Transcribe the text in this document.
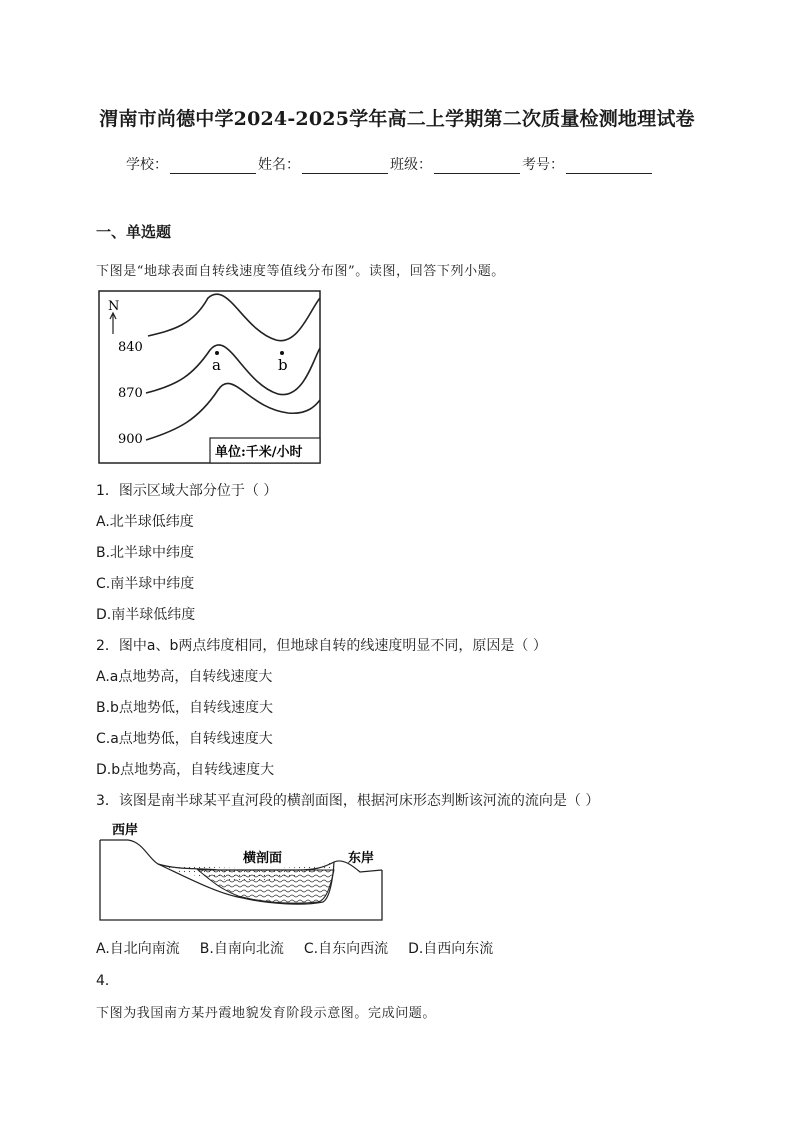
渭南市尚德中学2024-2025学年高二上学期第二次质量检测地理试卷
学校：	姓名：	班级：	考号：
一、单选题
下图是“地球表面自转线速度等值线分布图”。读图，回答下列小题。
N
840
870
900
a	b
单位:千米/小时
1．图示区域大部分位于（ ）
A.北半球低纬度
B.北半球中纬度
C.南半球中纬度
D.南半球低纬度
2．图中a、b两点纬度相同，但地球自转的线速度明显不同，原因是（ ）
A.a点地势高，自转线速度大
B.b点地势低，自转线速度大
C.a点地势低，自转线速度大
D.b点地势高，自转线速度大
3．该图是南半球某平直河段的横剖面图，根据河床形态判断该河流的流向是（ ）
西岸
横剖面	东岸
A.自北向南流 B.自南向北流 C.自东向西流 D.自西向东流
4．
下图为我国南方某丹霞地貌发育阶段示意图。完成问题。
